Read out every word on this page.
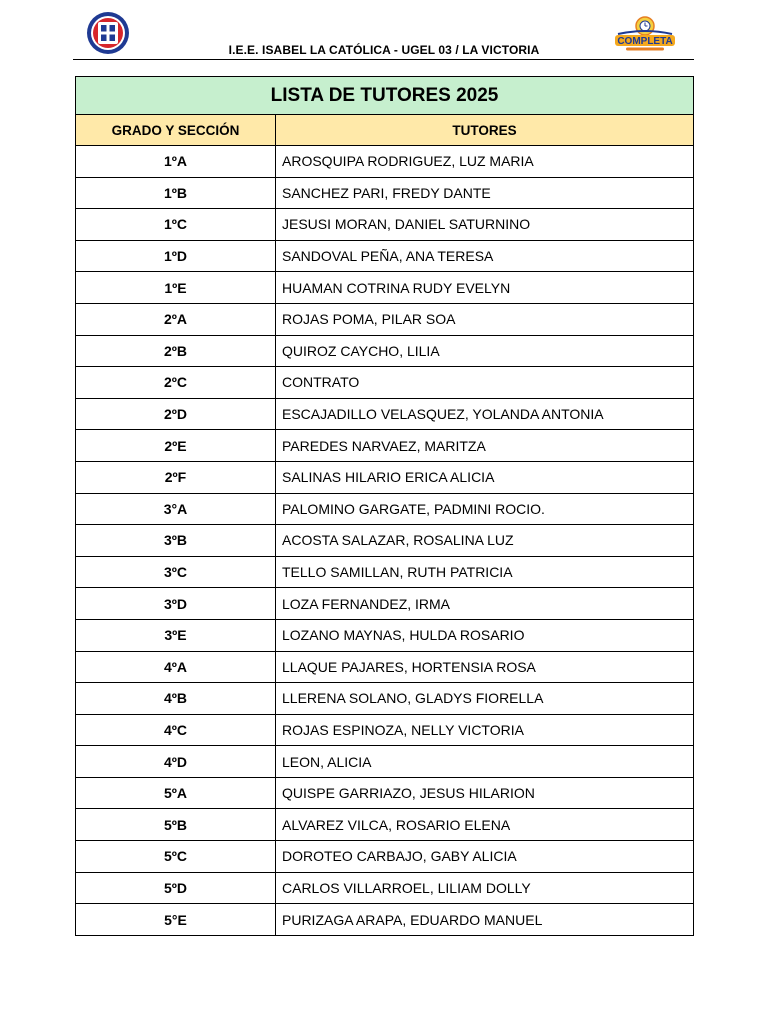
COMPLETA
I.E.E. ISABEL LA CATÓLICA - UGEL 03 / LA VICTORIA
LISTA DE TUTORES 2025	
GRADO Y SECCIÓN	TUTORES
1ºA	AROSQUIPA RODRIGUEZ, LUZ MARIA
1ºB	SANCHEZ PARI, FREDY DANTE
1ºC	JESUSI MORAN, DANIEL SATURNINO
1ºD	SANDOVAL PEÑA, ANA TERESA
1ºE	HUAMAN COTRINA RUDY EVELYN
2ºA	ROJAS POMA, PILAR SOA
2ºB	QUIROZ CAYCHO, LILIA
2ºC	CONTRATO
2ºD	ESCAJADILLO VELASQUEZ, YOLANDA ANTONIA
2ºE	PAREDES NARVAEZ, MARITZA
2ºF	SALINAS HILARIO ERICA ALICIA
3°A	PALOMINO GARGATE, PADMINI ROCIO.
3ºB	ACOSTA SALAZAR, ROSALINA LUZ
3ºC	TELLO SAMILLAN, RUTH PATRICIA
3ºD	LOZA FERNANDEZ, IRMA
3ºE	LOZANO MAYNAS, HULDA ROSARIO
4ºA	LLAQUE PAJARES, HORTENSIA ROSA
4ºB	LLERENA SOLANO, GLADYS FIORELLA
4ºC	ROJAS ESPINOZA, NELLY VICTORIA
4ºD	LEON, ALICIA
5ºA	QUISPE GARRIAZO, JESUS HILARION
5ºB	ALVAREZ VILCA, ROSARIO ELENA
5ºC	DOROTEO CARBAJO, GABY ALICIA
5ºD	CARLOS VILLARROEL, LILIAM DOLLY
5°E	PURIZAGA ARAPA, EDUARDO MANUEL
